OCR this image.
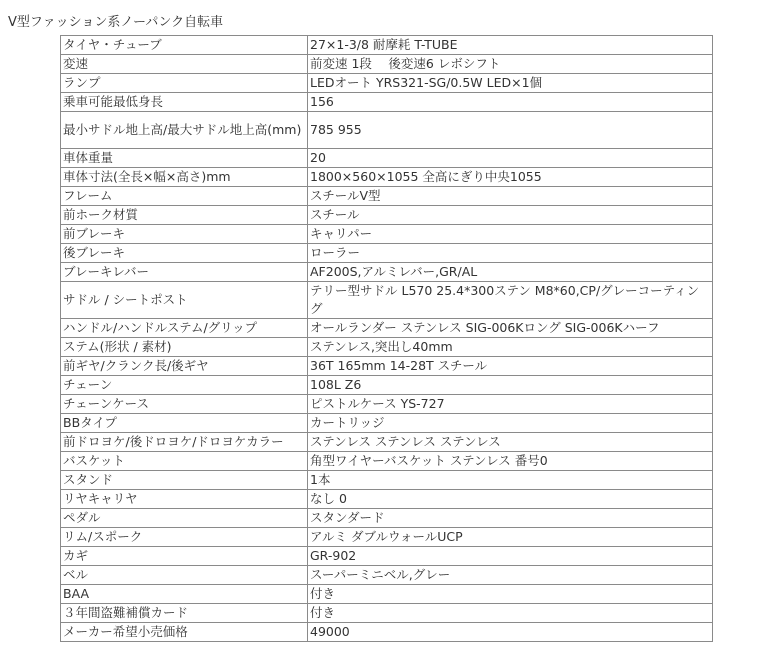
V型ファッション系ノーパンク自転車
タイヤ・チューブ	27×1-3/8 耐摩耗 T-TUBE
変速	前変速 1段　 後変速6 レボシフト
ランプ	LEDオート YRS321-SG/0.5W LED×1個
乗車可能最低身長	156
最小サドル地上高/最大サドル地上高(mm)	785 955
車体重量	20
車体寸法(全長×幅×高さ)mm	1800×560×1055 全高にぎり中央1055
フレーム	スチールV型
前ホーク材質	スチール
前ブレーキ	キャリパー
後ブレーキ	ローラー
ブレーキレバー	AF200S,アルミレバー,GR/AL
サドル / シートポスト	テリー型サドル L570 25.4*300ステン M8*60,CP/グレーコーティング
ハンドル/ハンドルステム/グリップ	オールランダー ステンレス SIG-006Kロング SIG-006Kハーフ
ステム(形状 / 素材)	ステンレス,突出し40mm
前ギヤ/クランク長/後ギヤ	36T 165mm 14-28T スチール
チェーン	108L Z6
チェーンケース	ピストルケース YS-727
BBタイプ	カートリッジ
前ドロヨケ/後ドロヨケ/ドロヨケカラー	ステンレス ステンレス ステンレス
バスケット	角型ワイヤーバスケット ステンレス 番号0
スタンド	1本
リヤキャリヤ	なし 0
ペダル	スタンダード
リム/スポーク	アルミ ダブルウォールUCP
カギ	GR-902
ベル	スーパーミニベル,グレー
BAA	付き
３年間盗難補償カード	付き
メーカー希望小売価格	49000
